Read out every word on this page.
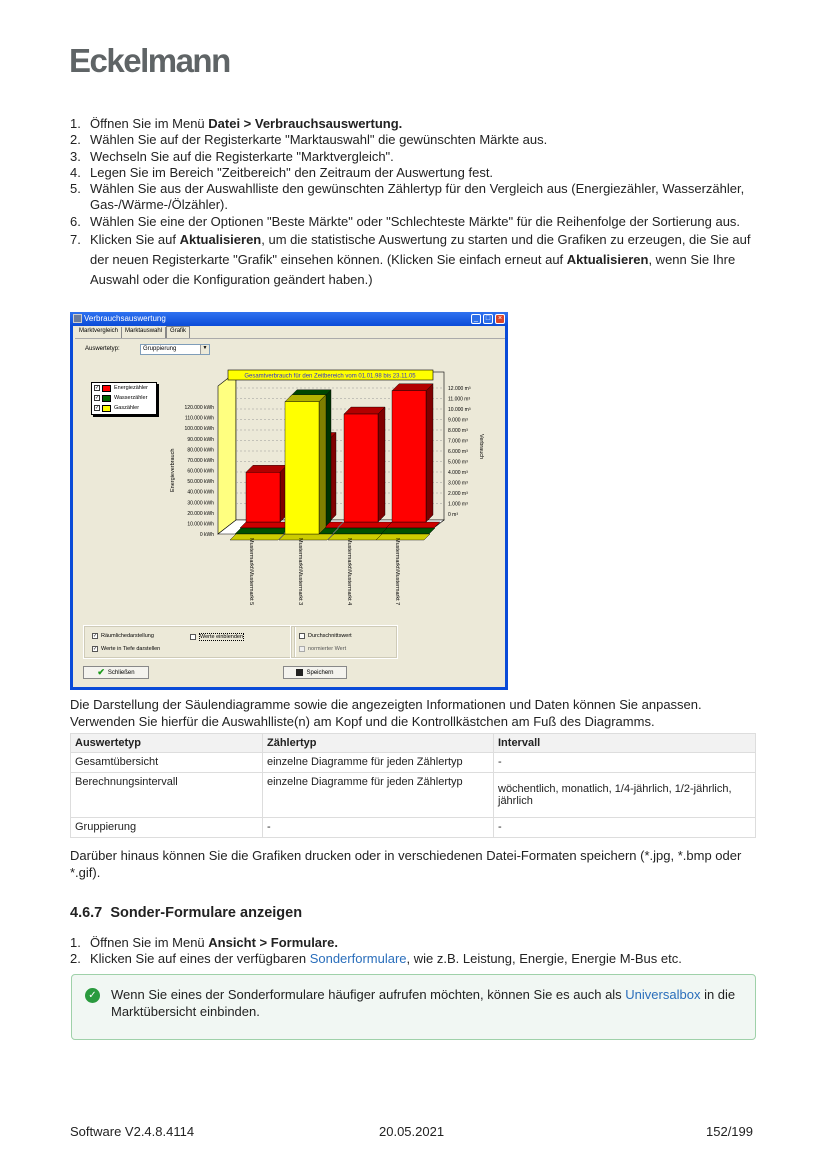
Eckelmann
1. Öffnen Sie im Menü Datei > Verbrauchsauswertung.
2. Wählen Sie auf der Registerkarte "Marktauswahl" die gewünschten Märkte aus.
3. Wechseln Sie auf die Registerkarte "Marktvergleich".
4. Legen Sie im Bereich "Zeitbereich" den Zeitraum der Auswertung fest.
5. Wählen Sie aus der Auswahlliste den gewünschten Zählertyp für den Vergleich aus (Energiezähler, Wasserzähler, Gas-/Wärme-/Ölzähler).
6. Wählen Sie eine der Optionen "Beste Märkte" oder "Schlechteste Märkte" für die Reihenfolge der Sortierung aus.
7. Klicken Sie auf Aktualisieren, um die statistische Auswertung zu starten und die Grafiken zu erzeugen, die Sie auf der neuen Registerkarte "Grafik" einsehen können. (Klicken Sie einfach erneut auf Aktualisieren, wenn Sie Ihre Auswahl oder die Konfiguration geändert haben.)
Verbrauchsauswertung	_	□	×
Marktvergleich	Marktauswahl	Grafik
Auswertetyp:	Gruppierung	▼
✓	Energiezähler
✓	Wasserzähler
✓	Gaszähler
0 kWh
10.000 kWh
20.000 kWh
30.000 kWh
40.000 kWh
50.000 kWh
60.000 kWh
70.000 kWh
80.000 kWh
90.000 kWh
100.000 kWh
110.000 kWh
120.000 kWh
0 m³
1.000 m³
2.000 m³
3.000 m³
4.000 m³
5.000 m³
6.000 m³
7.000 m³
8.000 m³
9.000 m³
10.000 m³
11.000 m³
12.000 m³
Energieverbrauch
Verbrauch
Gesamtverbrauch für den Zeitbereich vom 01.01.98 bis 23.11.05
✓ Räumlichedarstellung
✓ Werte in Tiefe darstellen
Werte einblenden	Durchschnittswert
normierter Wert
✔ Schließen	Speichern
Mustermarkt\Mustermarkt 5	Mustermarkt\Mustermarkt 3	Mustermarkt\Mustermarkt 4	Mustermarkt\Mustermarkt 7

Die Darstellung der Säulendiagramme sowie die angezeigten Informationen und Daten können Sie anpassen. Verwenden Sie hierfür die Auswahlliste(n) am Kopf und die Kontrollkästchen am Fuß des Diagramms.

Auswertetyp	Zählertyp	Intervall
Gesamtübersicht	einzelne Diagramme für jeden Zählertyp	-
Berechnungsintervall	einzelne Diagramme für jeden Zählertyp	wöchentlich, monatlich, 1/4-jährlich, 1/2-jährlich, jährlich
Gruppierung	-	-

Darüber hinaus können Sie die Grafiken drucken oder in verschiedenen Datei-Formaten speichern (*.jpg, *.bmp oder *.gif).

4.6.7 Sonder-Formulare anzeigen
1. Öffnen Sie im Menü Ansicht > Formulare.
2. Klicken Sie auf eines der verfügbaren Sonderformulare, wie z.B. Leistung, Energie, Energie M-Bus etc.
✓ Wenn Sie eines der Sonderformulare häufiger aufrufen möchten, können Sie es auch als Universalbox in die Marktübersicht einbinden.
Software V2.4.8.4114	20.05.2021	152/199
